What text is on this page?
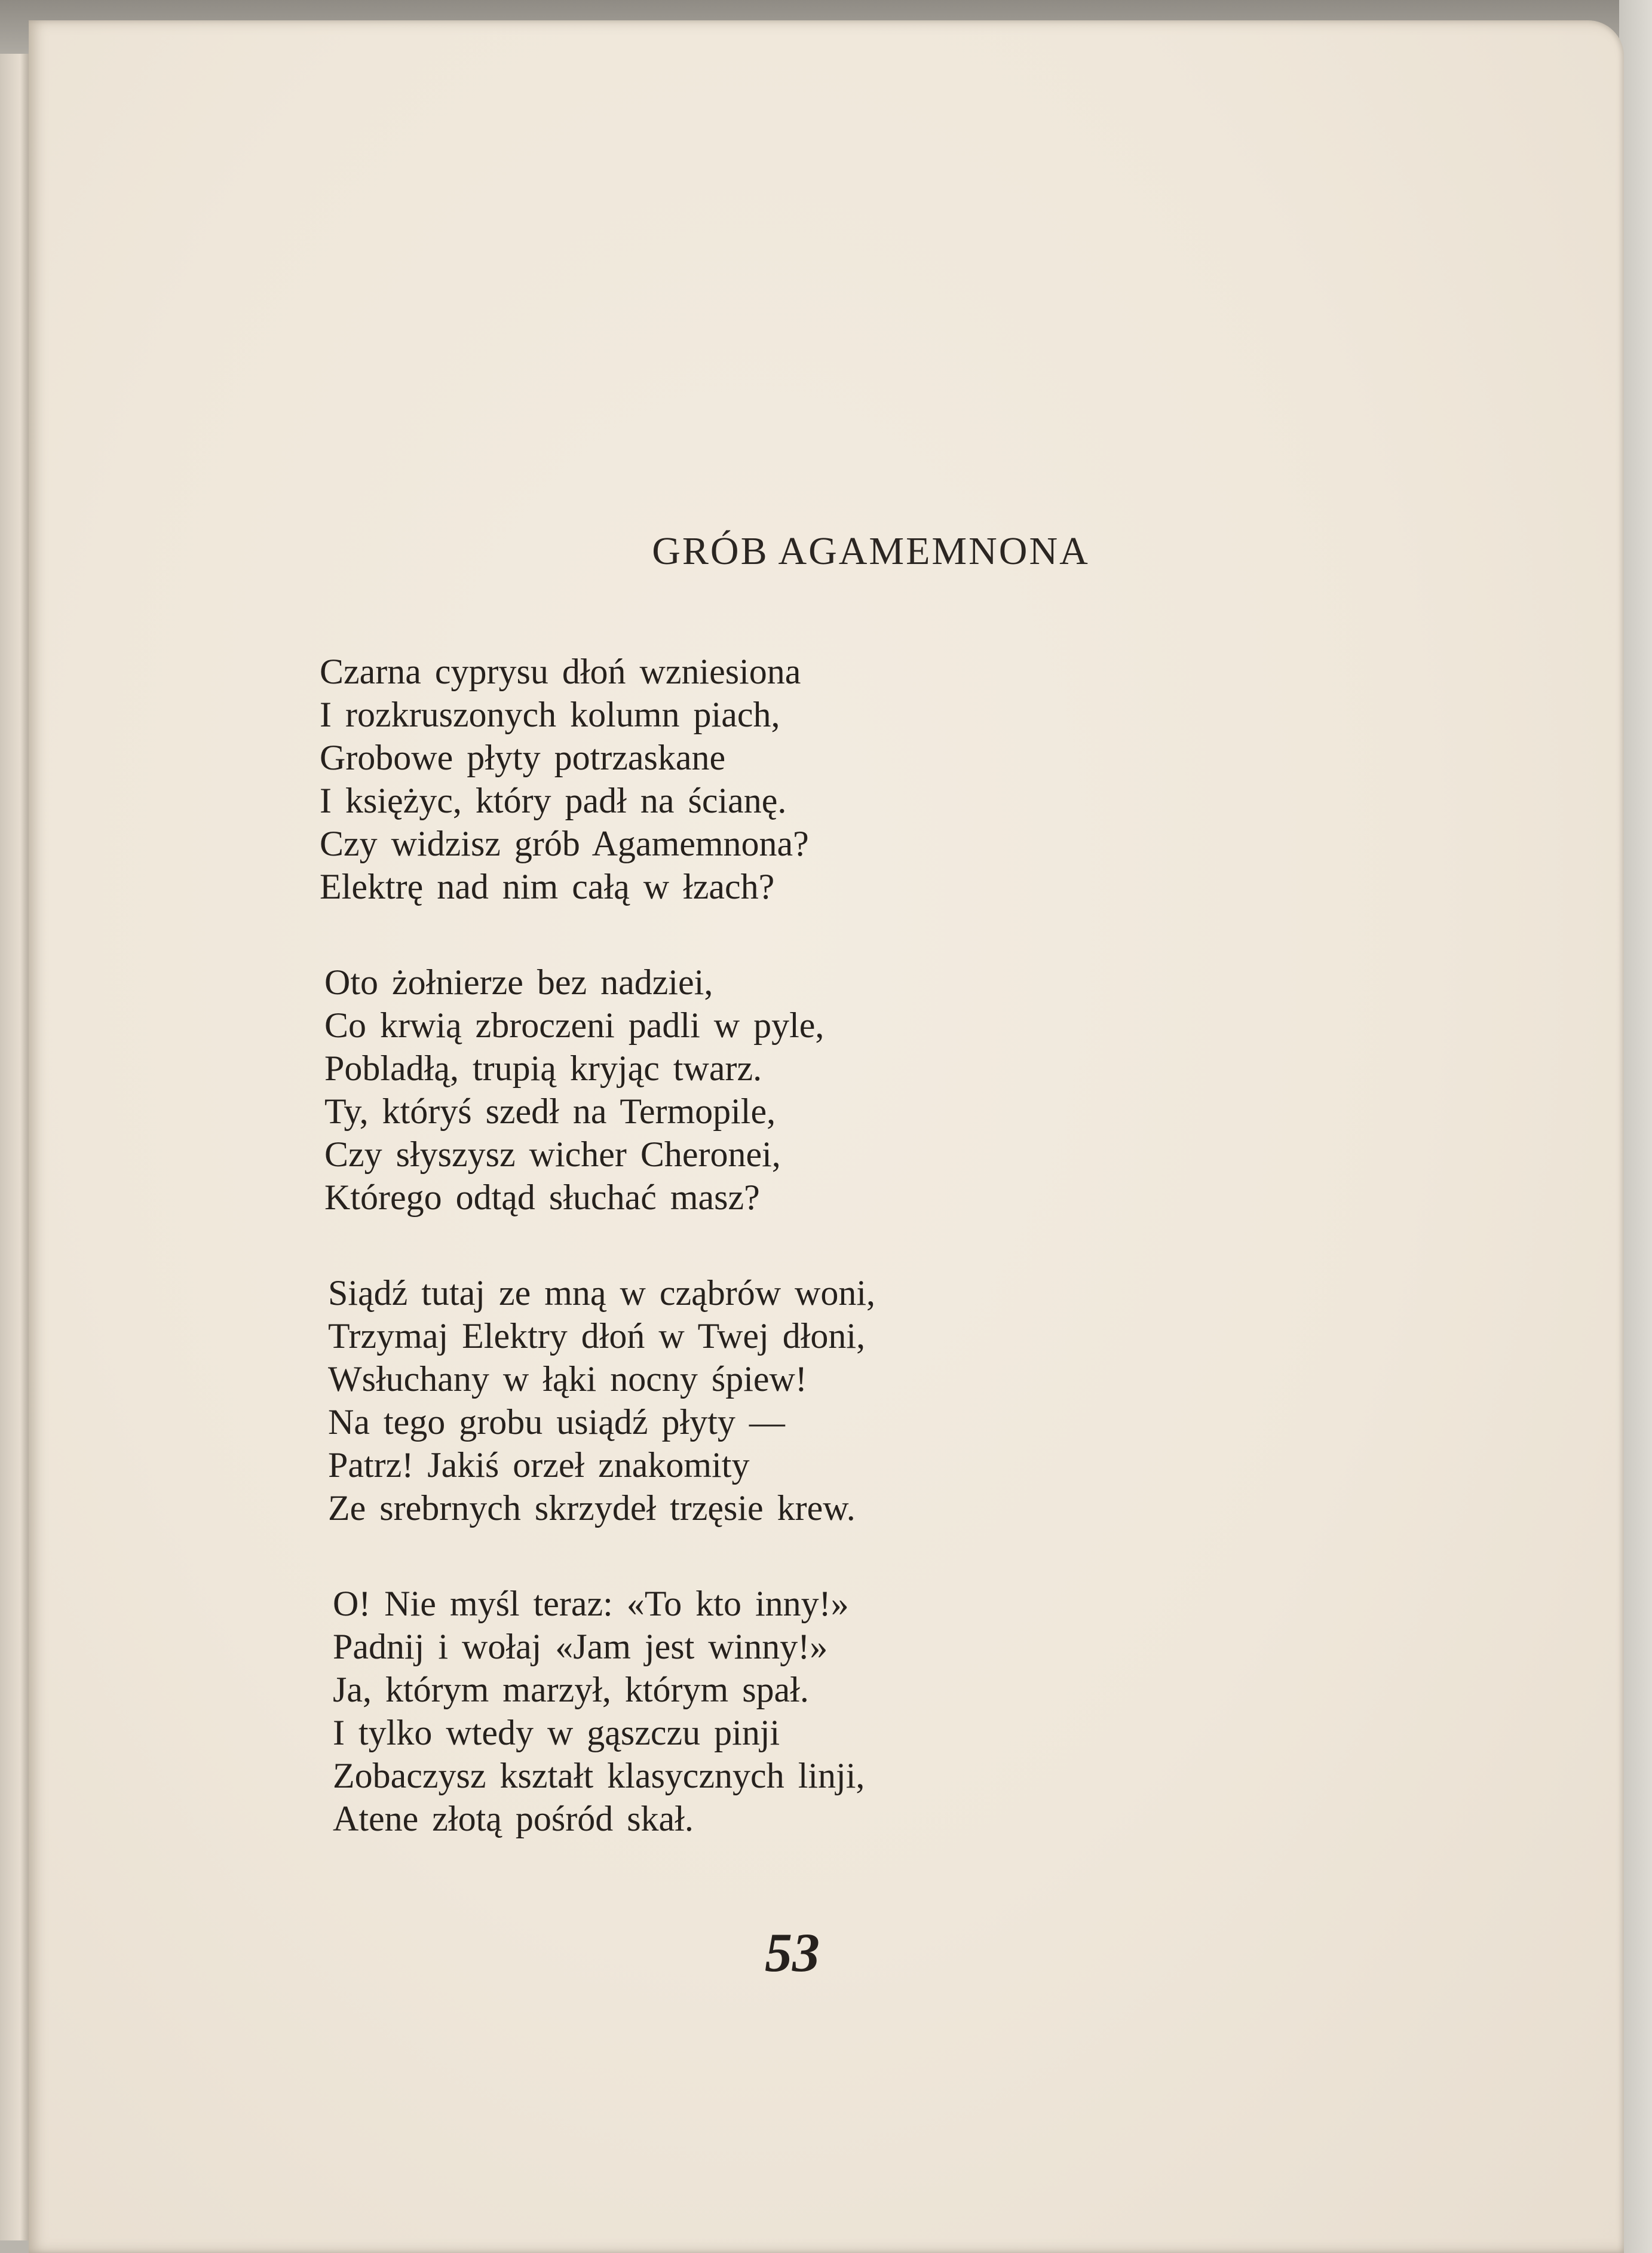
GRÓB AGAMEMNONA
Czarna cyprysu dłoń wzniesiona
I rozkruszonych kolumn piach,
Grobowe płyty potrzaskane
I księżyc, który padł na ścianę.
Czy widzisz grób Agamemnona?
Elektrę nad nim całą w łzach?
Oto żołnierze bez nadziei,
Co krwią zbroczeni padli w pyle,
Pobladłą, trupią kryjąc twarz.
Ty, któryś szedł na Termopile,
Czy słyszysz wicher Cheronei,
Którego odtąd słuchać masz?
Siądź tutaj ze mną w cząbrów woni,
Trzymaj Elektry dłoń w Twej dłoni,
Wsłuchany w łąki nocny śpiew!
Na tego grobu usiądź płyty —
Patrz! Jakiś orzeł znakomity
Ze srebrnych skrzydeł trzęsie krew.
O! Nie myśl teraz: «To kto inny!»
Padnij i wołaj «Jam jest winny!»
Ja, którym marzył, którym spał.
I tylko wtedy w gąszczu pinji
Zobaczysz kształt klasycznych linji,
Atene złotą pośród skał.
53
